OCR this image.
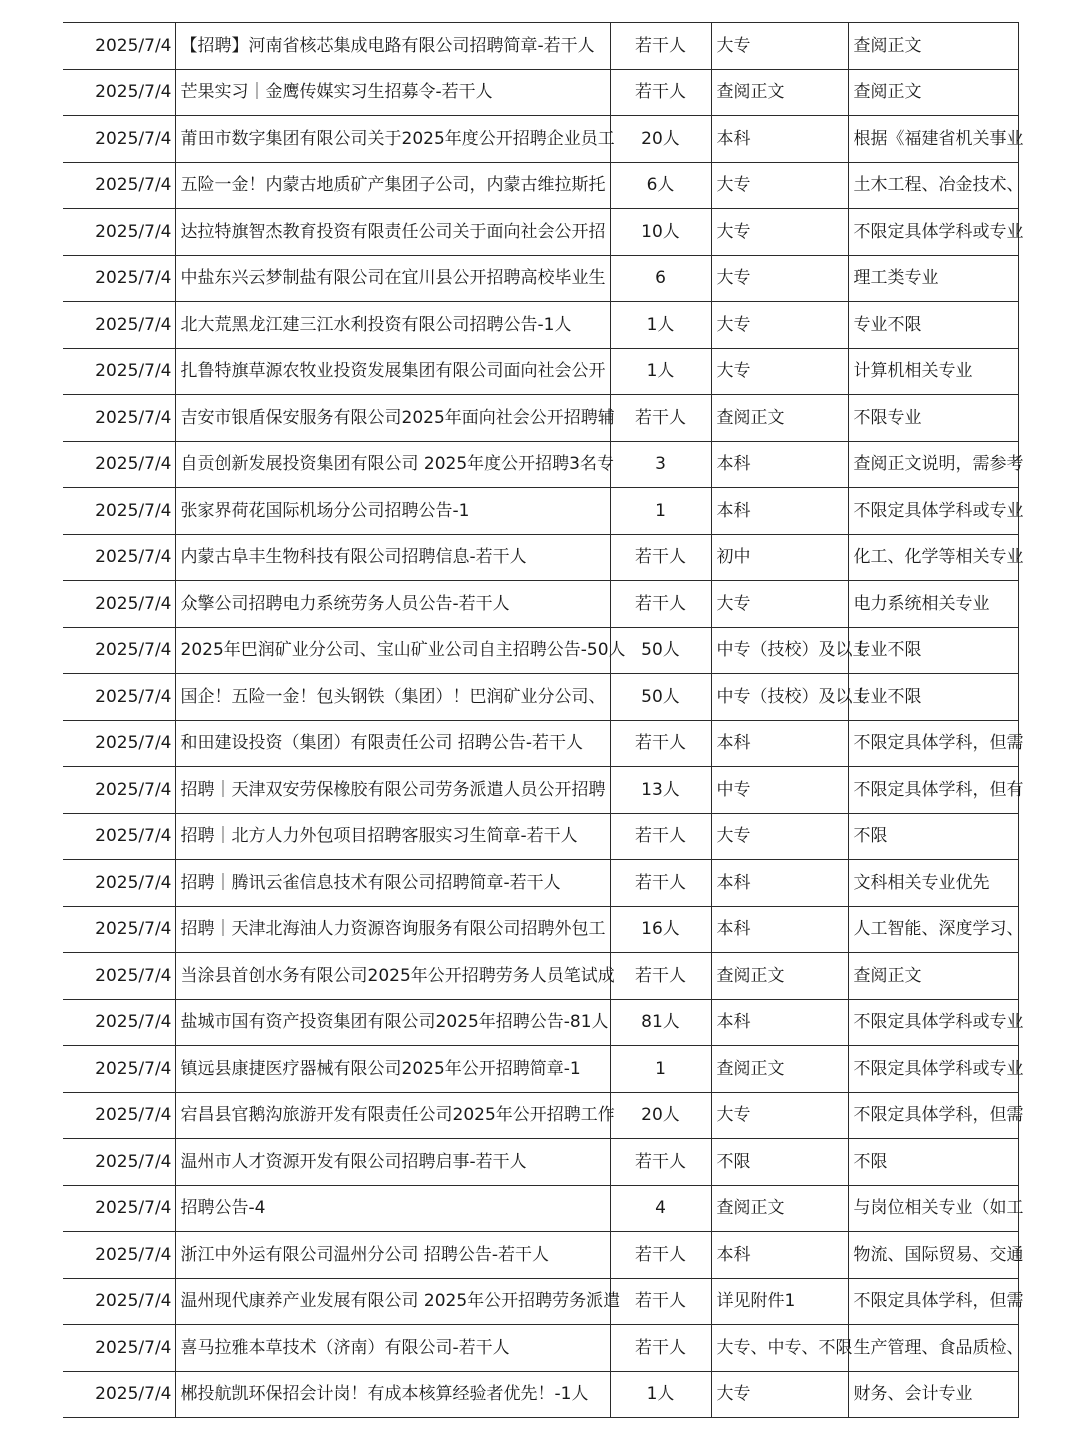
2025/7/4	【招聘】河南省核芯集成电路有限公司招聘简章-若干人	若干人	大专	查阅正文
2025/7/4	芒果实习｜金鹰传媒实习生招募令-若干人	若干人	查阅正文	查阅正文
2025/7/4	莆田市数字集团有限公司关于2025年度公开招聘企业员工	20人	本科	根据《福建省机关事业
2025/7/4	五险一金！内蒙古地质矿产集团子公司，内蒙古维拉斯托	6人	大专	土木工程、冶金技术、
2025/7/4	达拉特旗智杰教育投资有限责任公司关于面向社会公开招	10人	大专	不限定具体学科或专业
2025/7/4	中盐东兴云梦制盐有限公司在宜川县公开招聘高校毕业生	6	大专	理工类专业
2025/7/4	北大荒黑龙江建三江水利投资有限公司招聘公告-1人	1人	大专	专业不限
2025/7/4	扎鲁特旗草源农牧业投资发展集团有限公司面向社会公开	1人	大专	计算机相关专业
2025/7/4	吉安市银盾保安服务有限公司2025年面向社会公开招聘辅	若干人	查阅正文	不限专业
2025/7/4	自贡创新发展投资集团有限公司 2025年度公开招聘3名专	3	本科	查阅正文说明，需参考
2025/7/4	张家界荷花国际机场分公司招聘公告-1	1	本科	不限定具体学科或专业
2025/7/4	内蒙古阜丰生物科技有限公司招聘信息-若干人	若干人	初中	化工、化学等相关专业
2025/7/4	众擎公司招聘电力系统劳务人员公告-若干人	若干人	大专	电力系统相关专业
2025/7/4	2025年巴润矿业分公司、宝山矿业公司自主招聘公告-50人	50人	中专（技校）及以上	专业不限
2025/7/4	国企！五险一金！包头钢铁（集团）！巴润矿业分公司、	50人	中专（技校）及以上	专业不限
2025/7/4	和田建设投资（集团）有限责任公司 招聘公告-若干人	若干人	本科	不限定具体学科，但需
2025/7/4	招聘｜天津双安劳保橡胶有限公司劳务派遣人员公开招聘	13人	中专	不限定具体学科，但有
2025/7/4	招聘｜北方人力外包项目招聘客服实习生简章-若干人	若干人	大专	不限
2025/7/4	招聘｜腾讯云雀信息技术有限公司招聘简章-若干人	若干人	本科	文科相关专业优先
2025/7/4	招聘｜天津北海油人力资源咨询服务有限公司招聘外包工	16人	本科	人工智能、深度学习、
2025/7/4	当涂县首创水务有限公司2025年公开招聘劳务人员笔试成	若干人	查阅正文	查阅正文
2025/7/4	盐城市国有资产投资集团有限公司2025年招聘公告-81人	81人	本科	不限定具体学科或专业
2025/7/4	镇远县康捷医疗器械有限公司2025年公开招聘简章-1	1	查阅正文	不限定具体学科或专业
2025/7/4	宕昌县官鹅沟旅游开发有限责任公司2025年公开招聘工作	20人	大专	不限定具体学科，但需
2025/7/4	温州市人才资源开发有限公司招聘启事-若干人	若干人	不限	不限
2025/7/4	招聘公告-4	4	查阅正文	与岗位相关专业（如工
2025/7/4	浙江中外运有限公司温州分公司 招聘公告-若干人	若干人	本科	物流、国际贸易、交通
2025/7/4	温州现代康养产业发展有限公司 2025年公开招聘劳务派遣	若干人	详见附件1	不限定具体学科，但需
2025/7/4	喜马拉雅本草技术（济南）有限公司-若干人	若干人	大专、中专、不限	生产管理、食品质检、
2025/7/4	郴投航凯环保招会计岗！有成本核算经验者优先！-1人	1人	大专	财务、会计专业
